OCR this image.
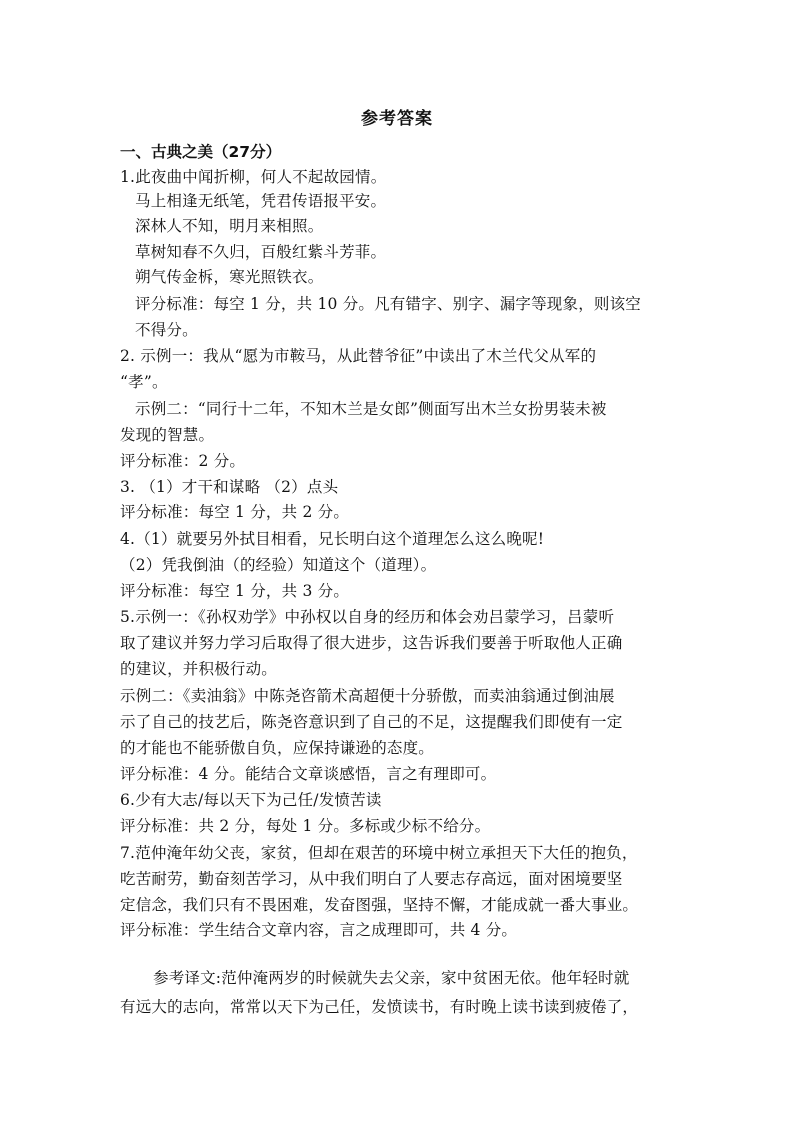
参考答案
一、古典之美（27分）
1.此夜曲中闻折柳，何人不起故园情。
马上相逢无纸笔，凭君传语报平安。
深林人不知，明月来相照。
草树知春不久归，百般红紫斗芳菲。
朔气传金柝，寒光照铁衣。
评分标准：每空 1 分，共 10 分。凡有错字、别字、漏字等现象，则该空
不得分。
2. 示例一：我从“愿为市鞍马，从此替爷征”中读出了木兰代父从军的
“孝”。
示例二：“同行十二年，不知木兰是女郎”侧面写出木兰女扮男装未被
发现的智慧。
评分标准：2 分。
3. （1）才干和谋略 （2）点头
评分标准：每空 1 分，共 2 分。
4.（1）就要另外拭目相看，兄长明白这个道理怎么这么晚呢!
（2）凭我倒油（的经验）知道这个（道理）。
评分标准：每空 1 分，共 3 分。
5.示例一：《孙权劝学》中孙权以自身的经历和体会劝吕蒙学习，吕蒙听
取了建议并努力学习后取得了很大进步，这告诉我们要善于听取他人正确
的建议，并积极行动。
示例二：《卖油翁》中陈尧咨箭术高超便十分骄傲，而卖油翁通过倒油展
示了自己的技艺后，陈尧咨意识到了自己的不足，这提醒我们即使有一定
的才能也不能骄傲自负，应保持谦逊的态度。
评分标准：4 分。能结合文章谈感悟，言之有理即可。
6.少有大志/每以天下为己任/发愤苦读
评分标准：共 2 分，每处 1 分。多标或少标不给分。
7.范仲淹年幼父丧，家贫，但却在艰苦的环境中树立承担天下大任的抱负，
吃苦耐劳，勤奋刻苦学习，从中我们明白了人要志存高远，面对困境要坚
定信念，我们只有不畏困难，发奋图强，坚持不懈，才能成就一番大事业。
评分标准：学生结合文章内容，言之成理即可，共 4 分。
参考译文:范仲淹两岁的时候就失去父亲，家中贫困无依。他年轻时就
有远大的志向，常常以天下为己任，发愤读书，有时晚上读书读到疲倦了，
